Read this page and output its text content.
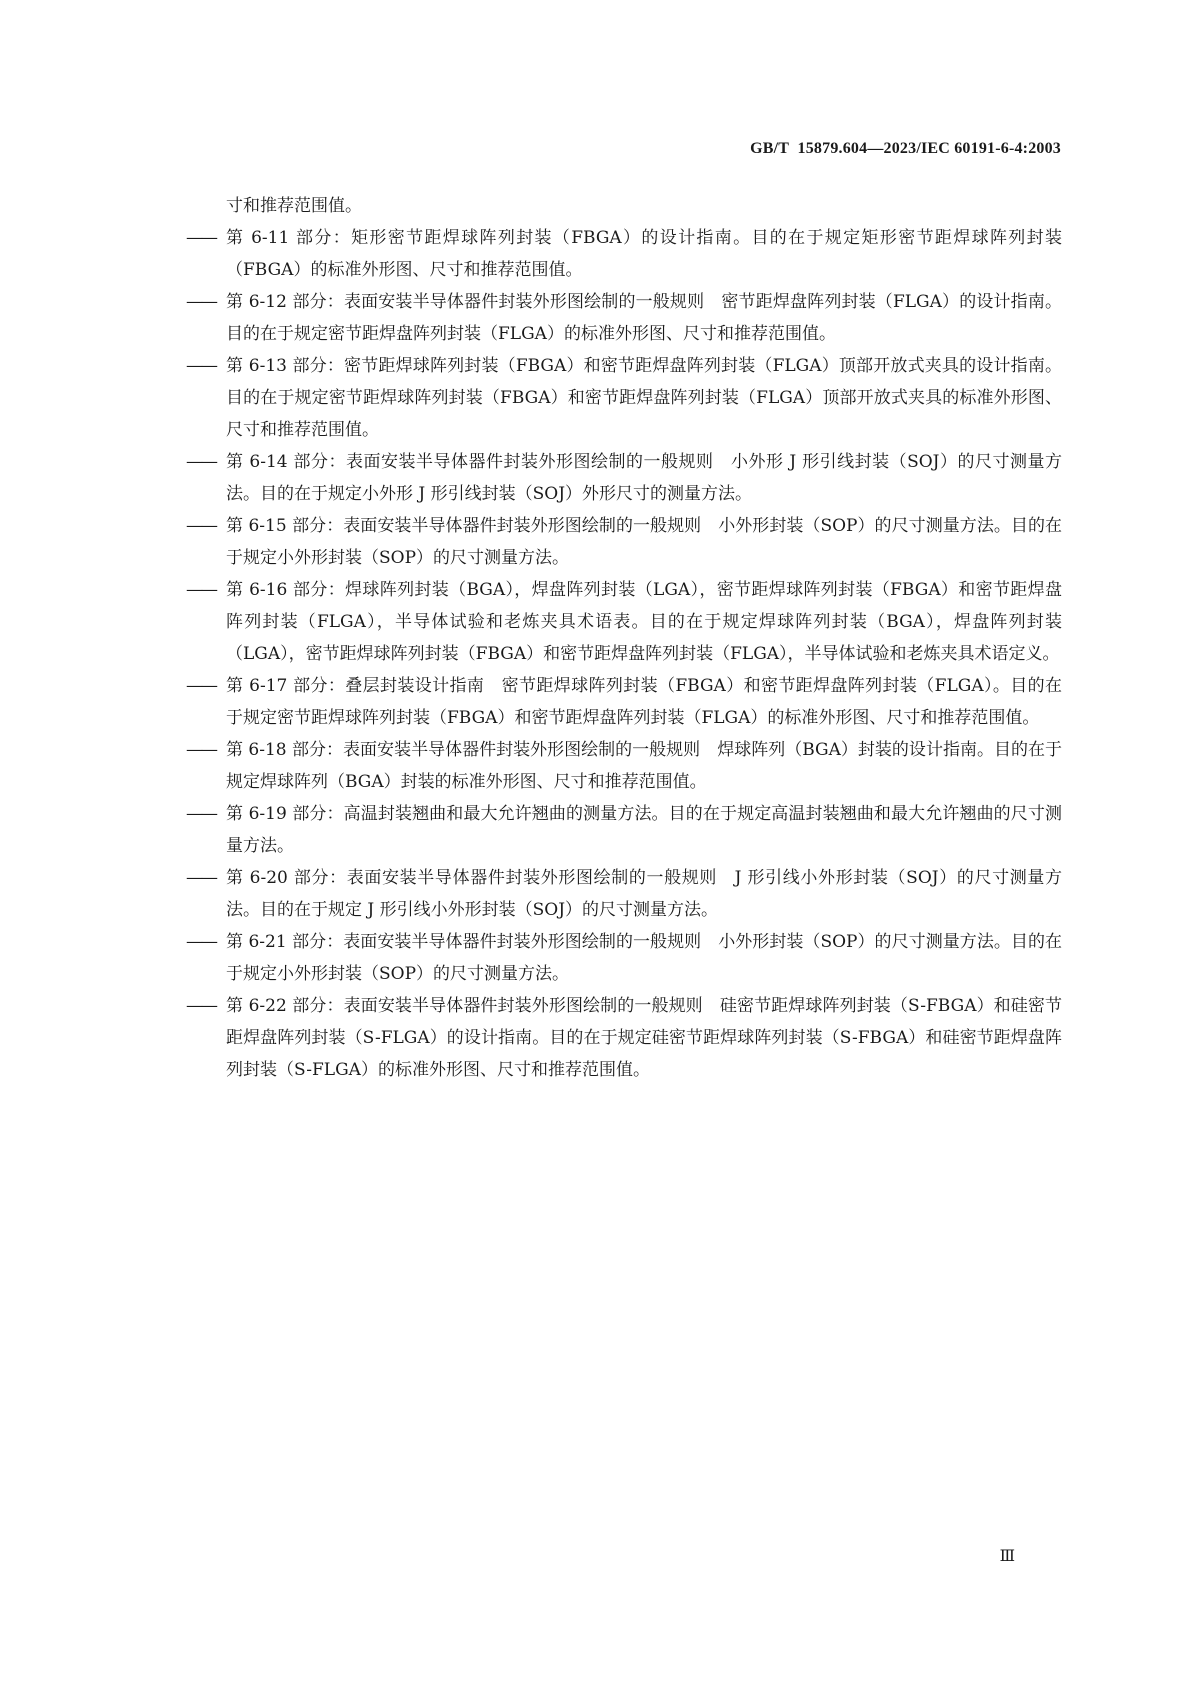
GB/T 15879.604—2023/IEC 60191-6-4:2003

寸和推荐范围值。

—— 第 6-11 部分：矩形密节距焊球阵列封装（FBGA）的设计指南。目的在于规定矩形密节距焊球阵列封装（FBGA）的标准外形图、尺寸和推荐范围值。
—— 第 6-12 部分：表面安装半导体器件封装外形图绘制的一般规则　密节距焊盘阵列封装（FLGA）的设计指南。目的在于规定密节距焊盘阵列封装（FLGA）的标准外形图、尺寸和推荐范围值。
—— 第 6-13 部分：密节距焊球阵列封装（FBGA）和密节距焊盘阵列封装（FLGA）顶部开放式夹具的设计指南。目的在于规定密节距焊球阵列封装（FBGA）和密节距焊盘阵列封装（FLGA）顶部开放式夹具的标准外形图、尺寸和推荐范围值。
—— 第 6-14 部分：表面安装半导体器件封装外形图绘制的一般规则　小外形 J 形引线封装（SOJ）的尺寸测量方法。目的在于规定小外形 J 形引线封装（SOJ）外形尺寸的测量方法。
—— 第 6-15 部分：表面安装半导体器件封装外形图绘制的一般规则　小外形封装（SOP）的尺寸测量方法。目的在于规定小外形封装（SOP）的尺寸测量方法。
—— 第 6-16 部分：焊球阵列封装（BGA），焊盘阵列封装（LGA），密节距焊球阵列封装（FBGA）和密节距焊盘阵列封装（FLGA），半导体试验和老炼夹具术语表。目的在于规定焊球阵列封装（BGA），焊盘阵列封装（LGA），密节距焊球阵列封装（FBGA）和密节距焊盘阵列封装（FLGA），半导体试验和老炼夹具术语定义。
—— 第 6-17 部分：叠层封装设计指南　密节距焊球阵列封装（FBGA）和密节距焊盘阵列封装（FLGA）。目的在于规定密节距焊球阵列封装（FBGA）和密节距焊盘阵列封装（FLGA）的标准外形图、尺寸和推荐范围值。
—— 第 6-18 部分：表面安装半导体器件封装外形图绘制的一般规则　焊球阵列（BGA）封装的设计指南。目的在于规定焊球阵列（BGA）封装的标准外形图、尺寸和推荐范围值。
—— 第 6-19 部分：高温封装翘曲和最大允许翘曲的测量方法。目的在于规定高温封装翘曲和最大允许翘曲的尺寸测量方法。
—— 第 6-20 部分：表面安装半导体器件封装外形图绘制的一般规则　J 形引线小外形封装（SOJ）的尺寸测量方法。目的在于规定 J 形引线小外形封装（SOJ）的尺寸测量方法。
—— 第 6-21 部分：表面安装半导体器件封装外形图绘制的一般规则　小外形封装（SOP）的尺寸测量方法。目的在于规定小外形封装（SOP）的尺寸测量方法。
—— 第 6-22 部分：表面安装半导体器件封装外形图绘制的一般规则　硅密节距焊球阵列封装（S-FBGA）和硅密节距焊盘阵列封装（S-FLGA）的设计指南。目的在于规定硅密节距焊球阵列封装（S-FBGA）和硅密节距焊盘阵列封装（S-FLGA）的标准外形图、尺寸和推荐范围值。
Ⅲ
